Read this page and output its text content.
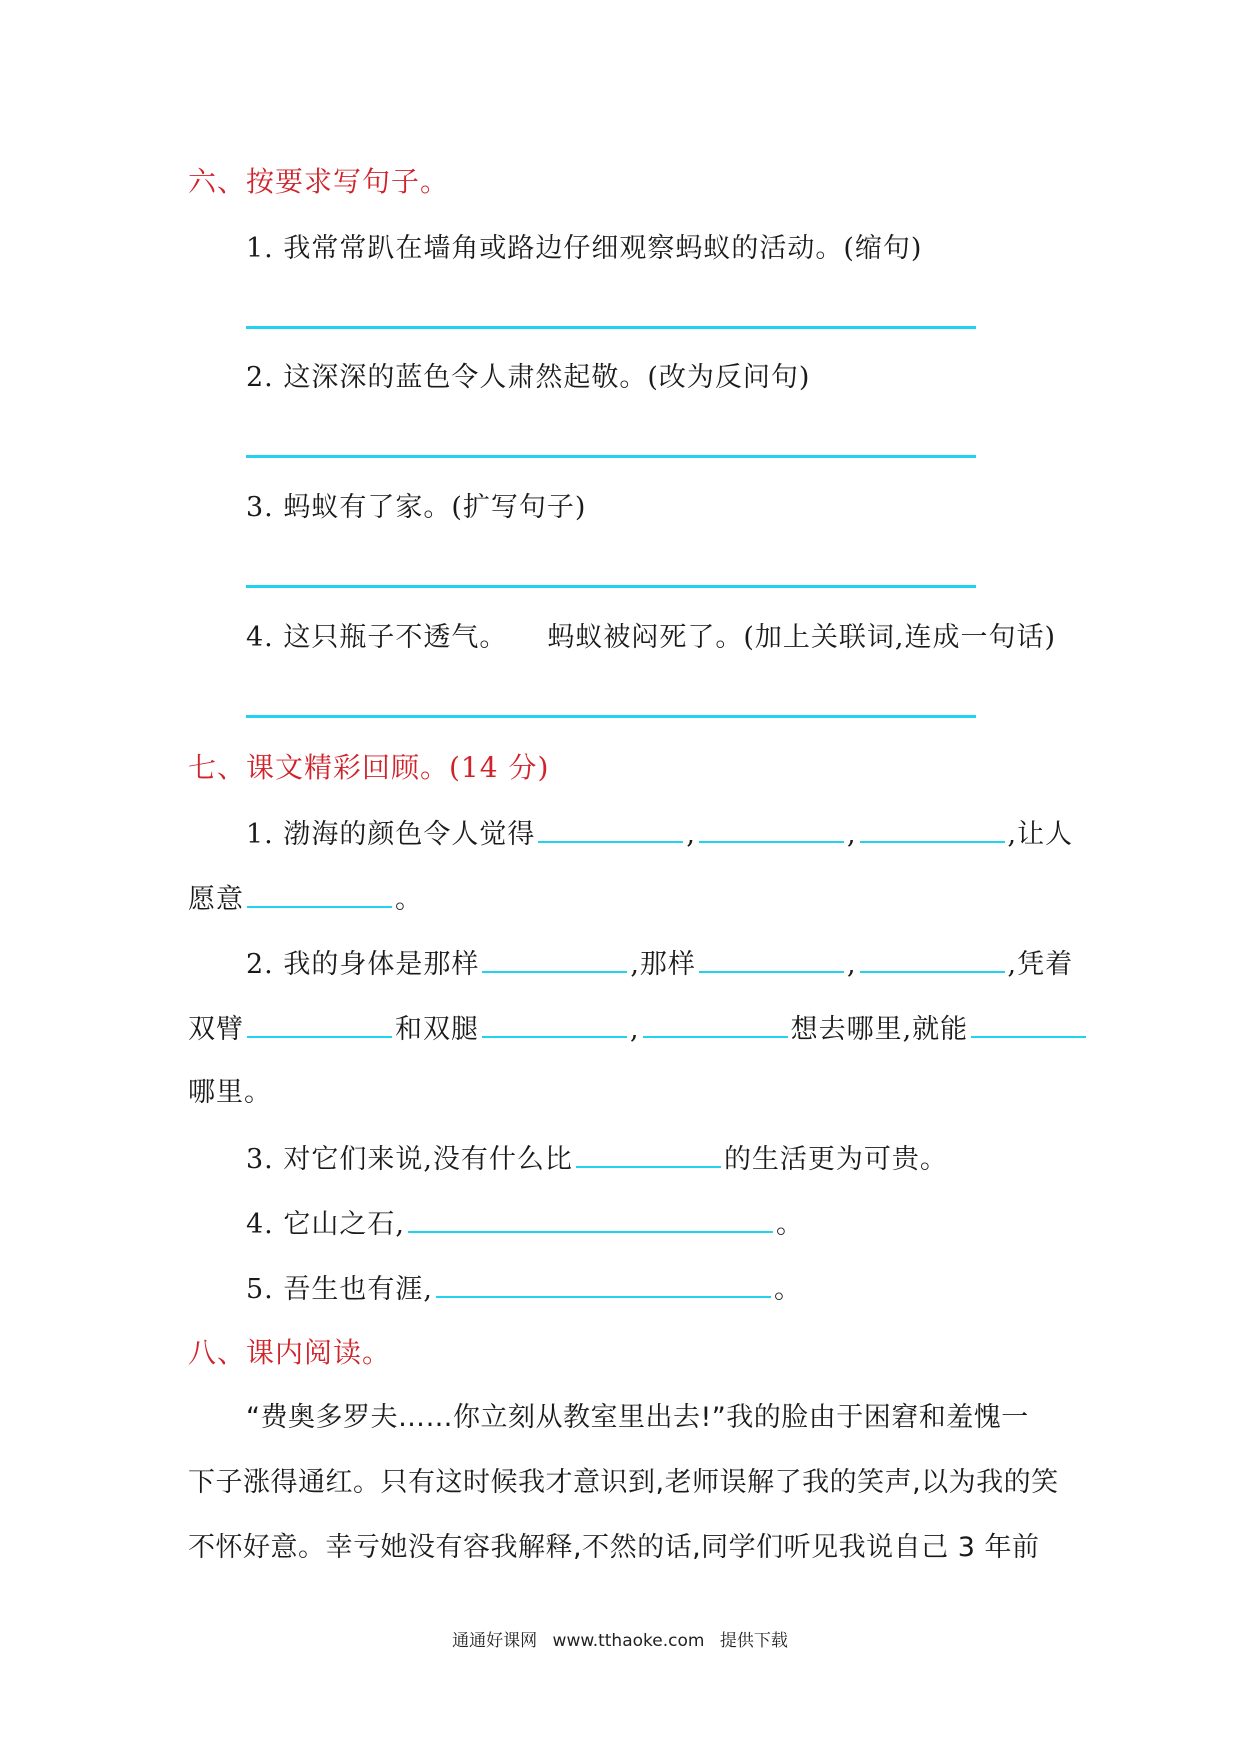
六、按要求写句子。
1. 我常常趴在墙角或路边仔细观察蚂蚁的活动。(缩句)
2. 这深深的蓝色令人肃然起敬。(改为反问句)
3. 蚂蚁有了家。(扩写句子)
4. 这只瓶子不透气。 蚂蚁被闷死了。(加上关联词,连成一句话)
七、课文精彩回顾。(14 分)
1. 渤海的颜色令人觉得	,	,	,让人
愿意	。
2. 我的身体是那样	,那样	,	,凭着
双臂	和双腿	,	想去哪里,就能
哪里。
3. 对它们来说,没有什么比	的生活更为可贵。
4. 它山之石,	。
5. 吾生也有涯,	。
八、课内阅读。
“费奥多罗夫……你立刻从教室里出去!”我的脸由于困窘和羞愧一
下子涨得通红。只有这时候我才意识到,老师误解了我的笑声,以为我的笑
不怀好意。幸亏她没有容我解释,不然的话,同学们听见我说自己 3 年前
通通好课网 www.tthaoke.com 提供下载
